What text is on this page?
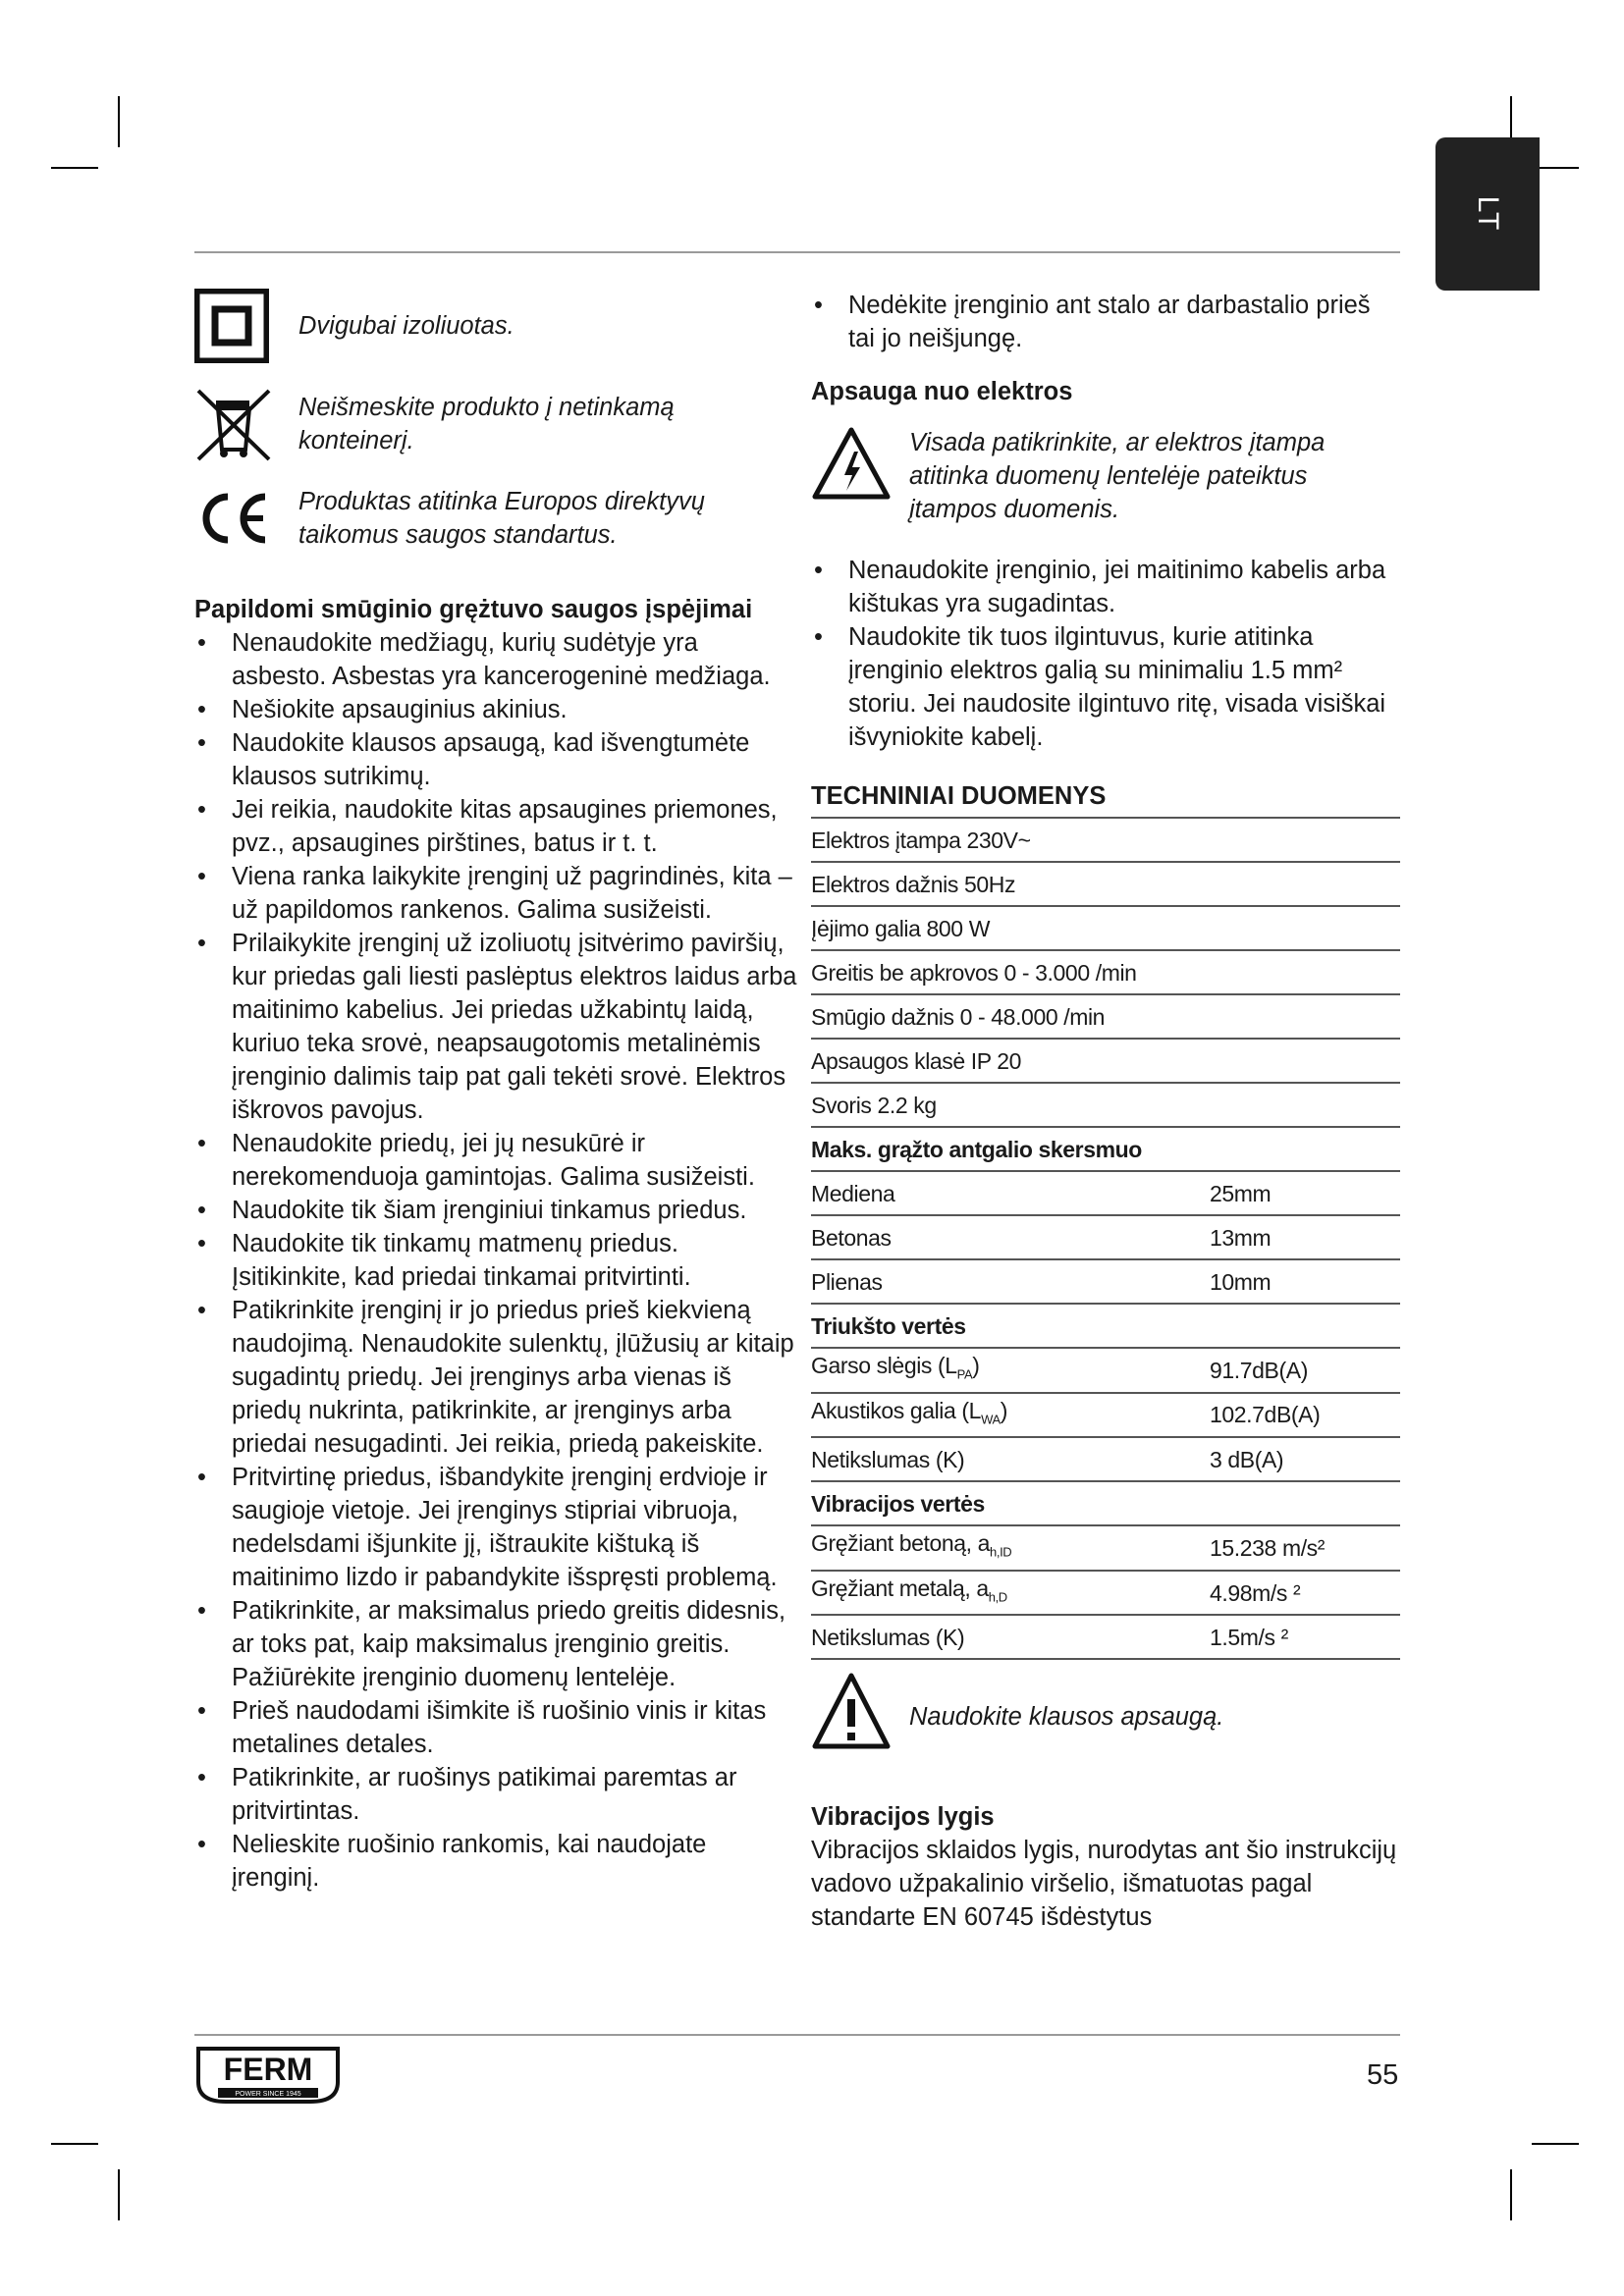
LT
Dvigubai izoliuotas.
Neišmeskite produkto į netinkamą konteinerį.
Produktas atitinka Europos direktyvų taikomus saugos standartus.
Papildomi smūginio grężtuvo saugos įspėjimai
• Nenaudokite medžiagų, kurių sudėtyje yra asbesto. Asbestas yra kancerogeninė medžiaga.
• Nešiokite apsauginius akinius.
• Naudokite klausos apsaugą, kad išvengtumėte klausos sutrikimų.
• Jei reikia, naudokite kitas apsaugines priemones, pvz., apsaugines pirštines, batus ir t. t.
• Viena ranka laikykite įrenginį už pagrindinės, kita – už papildomos rankenos. Galima susižeisti.
• Prilaikykite įrenginį už izoliuotų įsitvėrimo paviršių, kur priedas gali liesti paslėptus elektros laidus arba maitinimo kabelius. Jei priedas užkabintų laidą, kuriuo teka srovė, neapsaugotomis metalinėmis įrenginio dalimis taip pat gali tekėti srovė. Elektros iškrovos pavojus.
• Nenaudokite priedų, jei jų nesukūrė ir nerekomenduoja gamintojas. Galima susižeisti.
• Naudokite tik šiam įrenginiui tinkamus priedus.
• Naudokite tik tinkamų matmenų priedus. Įsitikinkite, kad priedai tinkamai pritvirtinti.
• Patikrinkite įrenginį ir jo priedus prieš kiekvieną naudojimą. Nenaudokite sulenktų, įlūžusių ar kitaip sugadintų priedų. Jei įrenginys arba vienas iš priedų nukrinta, patikrinkite, ar įrenginys arba priedai nesugadinti. Jei reikia, priedą pakeiskite.
• Pritvirtinę priedus, išbandykite įrenginį erdvioje ir saugioje vietoje. Jei įrenginys stipriai vibruoja, nedelsdami išjunkite jį, ištraukite kištuką iš maitinimo lizdo ir pabandykite išspręsti problemą.
• Patikrinkite, ar maksimalus priedo greitis didesnis, ar toks pat, kaip maksimalus įrenginio greitis. Pažiūrėkite įrenginio duomenų lentelėje.
• Prieš naudodami išimkite iš ruošinio vinis ir kitas metalines detales.
• Patikrinkite, ar ruošinys patikimai paremtas ar pritvirtintas.
• Nelieskite ruošinio rankomis, kai naudojate įrenginį.
• Nedėkite įrenginio ant stalo ar darbastalio prieš tai jo neišjungę.
Apsauga nuo elektros
Visada patikrinkite, ar elektros įtampa atitinka duomenų lentelėje pateiktus įtampos duomenis.
• Nenaudokite įrenginio, jei maitinimo kabelis arba kištukas yra sugadintas.
• Naudokite tik tuos ilgintuvus, kurie atitinka įrenginio elektros galią su minimaliu 1.5 mm² storiu. Jei naudosite ilgintuvo ritę, visada visiškai išvyniokite kabelį.
TECHNINIAI DUOMENYS
Elektros įtampa 230V~	
Elektros dažnis 50Hz	
Įėjimo galia 800 W	
Greitis be apkrovos 0 - 3.000 /min	
Smūgio dažnis 0 - 48.000 /min	
Apsaugos klasė IP 20	
Svoris 2.2 kg	
Maks. grąžto antgalio skersmuo	
Mediena	25mm
Betonas	13mm
Plienas	10mm
Triukšto vertės	
Garso slėgis $(L_{PA})$	91.7dB(A)
Akustikos galia $(L_{WA})$	102.7dB(A)
Netikslumas (K)	3 dB(A)
Vibracijos vertės	
Gręžiant betoną, $a_{h,ID}$	15.238 m/s²
Gręžiant metalą, $a_{h,D}$	4.98m/s ²
Netikslumas (K)	1.5m/s ²
Naudokite klausos apsaugą.
Vibracijos lygis
Vibracijos sklaidos lygis, nurodytas ant šio instrukcijų vadovo užpakalinio viršelio, išmatuotas pagal standarte EN 60745 išdėstytus
FERM
POWER SINCE 1945
55
